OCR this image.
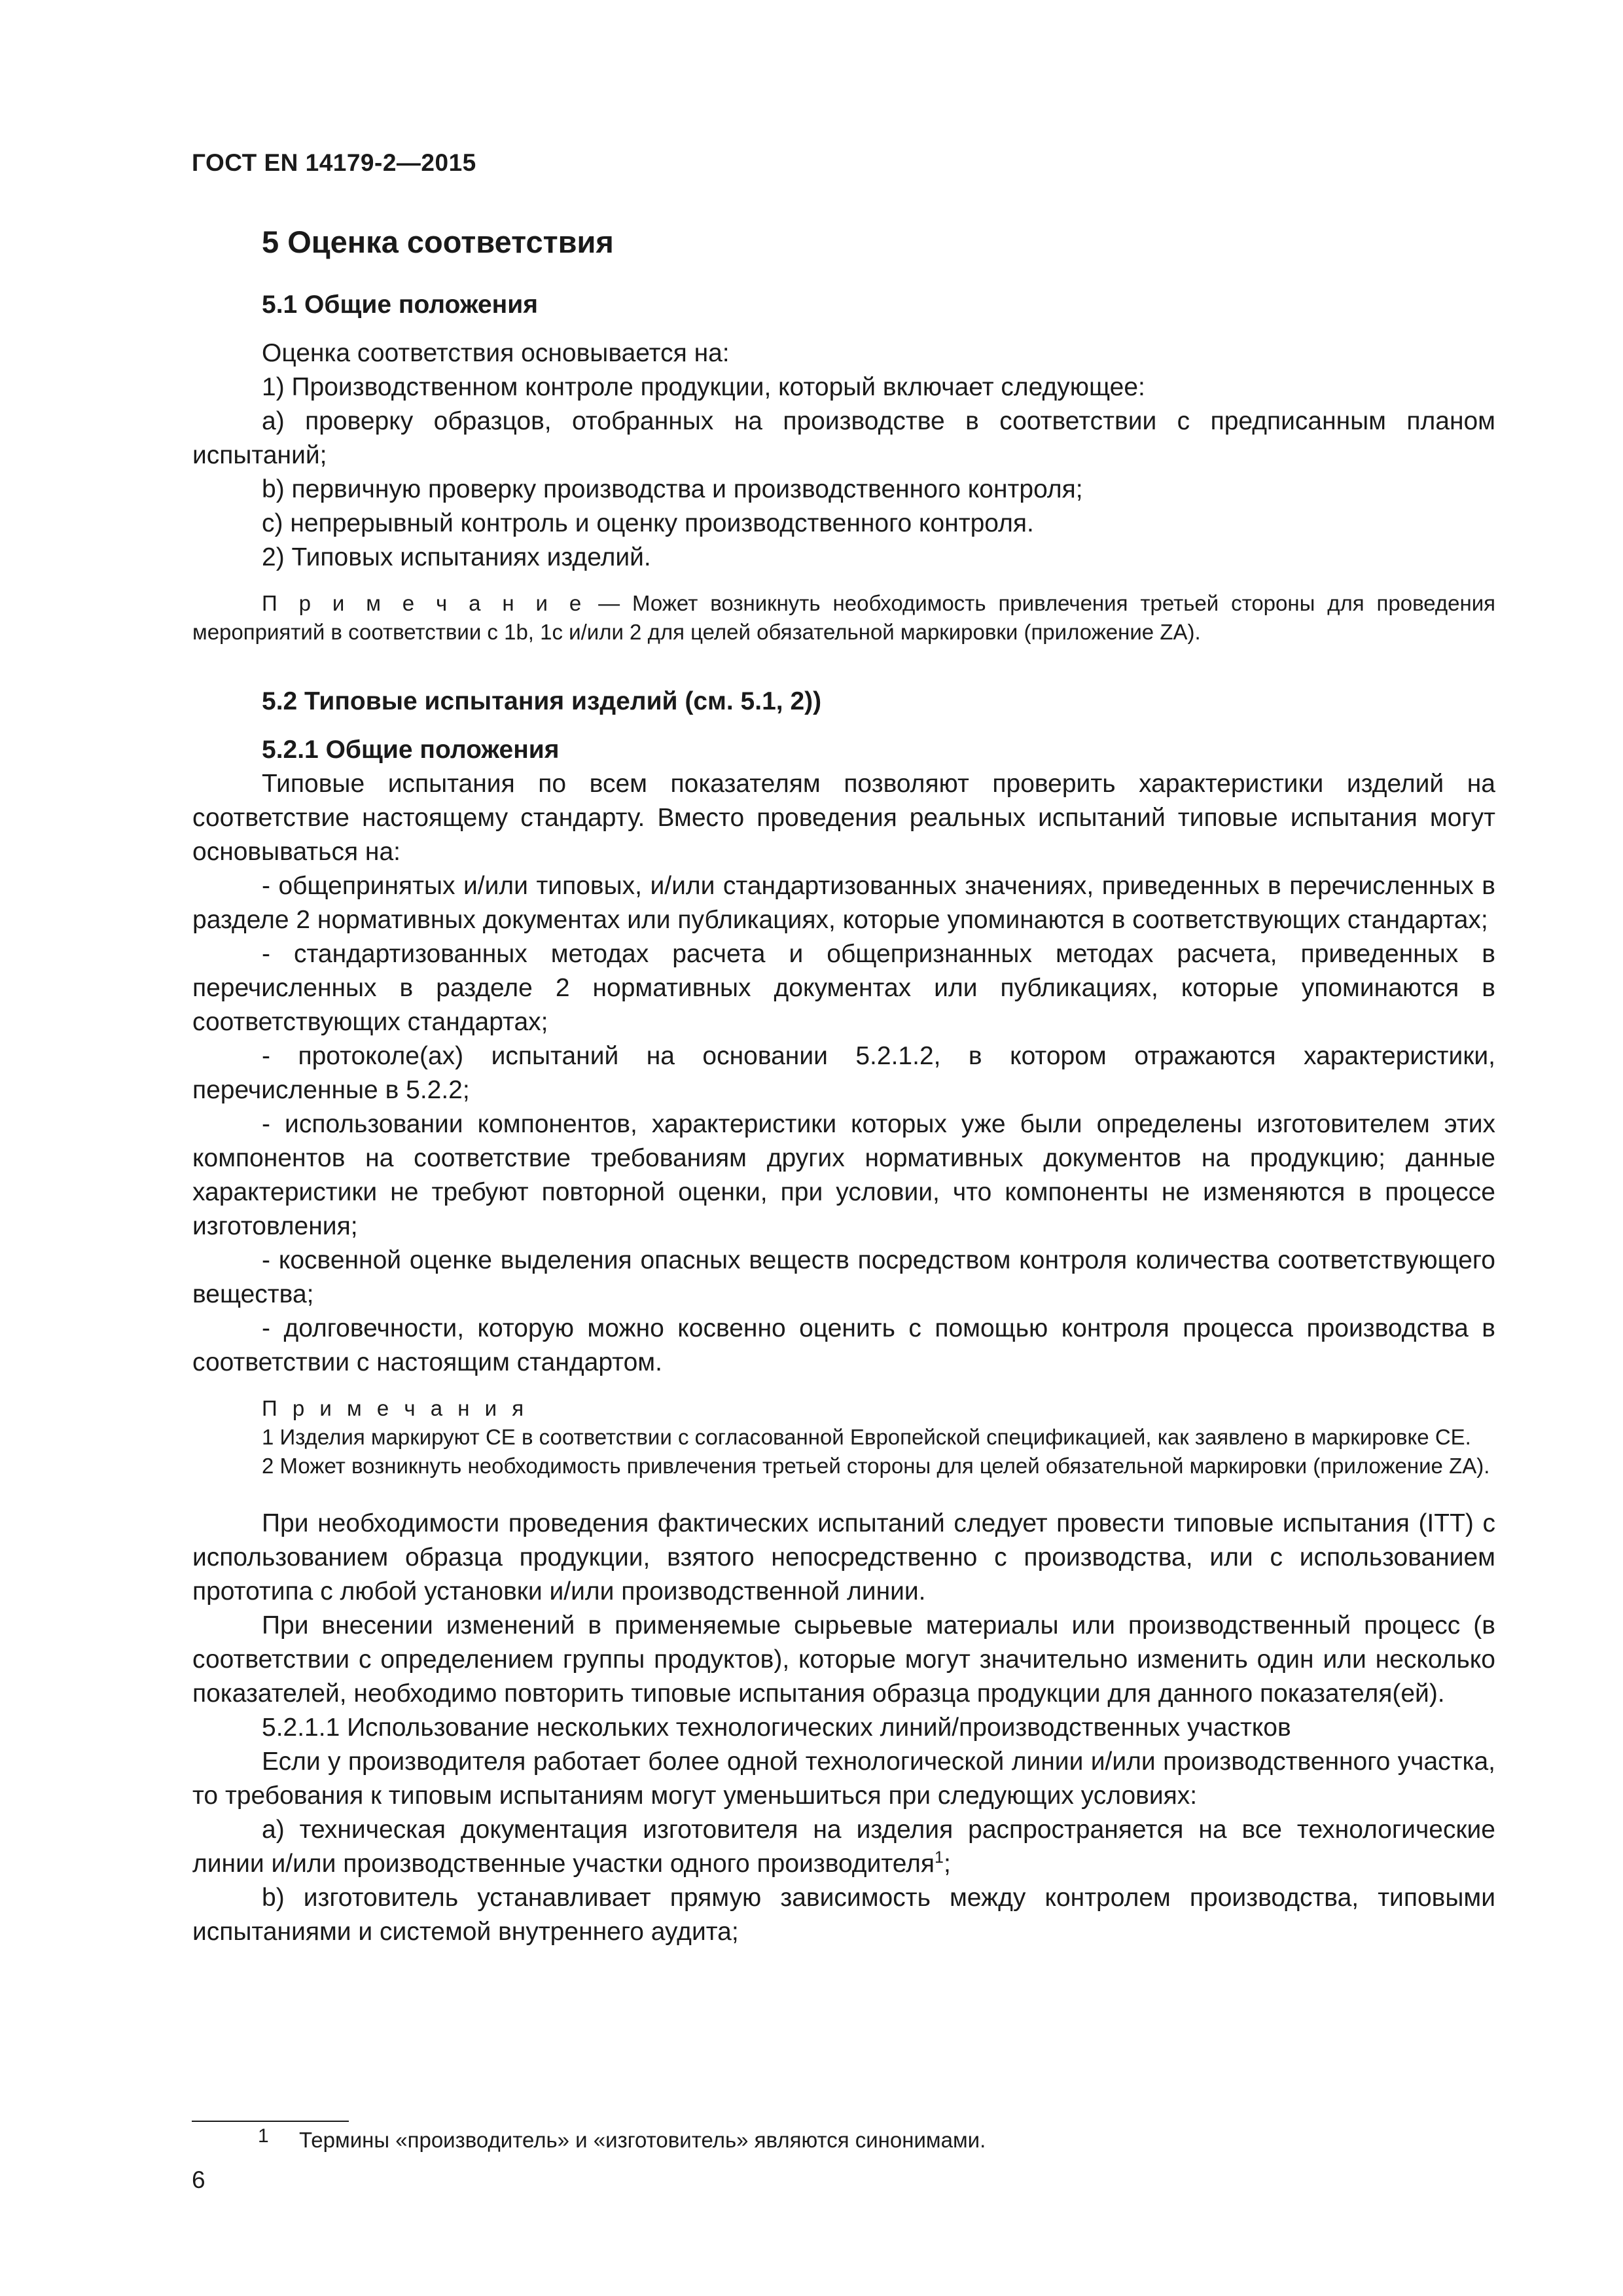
ГОСТ EN 14179-2—2015
5 Оценка соответствия
5.1 Общие положения

Оценка соответствия основывается на:

1) Производственном контроле продукции, который включает следующее:

а) проверку образцов, отобранных на производстве в соответствии с предписанным планом испытаний;

b) первичную проверку производства и производственного контроля;

c) непрерывный контроль и оценку производственного контроля.

2) Типовых испытаниях изделий.

П р и м е ч а н и е — Может возникнуть необходимость привлечения третьей стороны для проведения мероприятий в соответствии с 1b, 1c и/или 2 для целей обязательной маркировки (приложение ZA).

5.2 Типовые испытания изделий (см. 5.1, 2))
5.2.1 Общие положения

Типовые испытания по всем показателям позволяют проверить характеристики изделий на соответствие настоящему стандарту. Вместо проведения реальных испытаний типовые испытания могут основываться на:

- общепринятых и/или типовых, и/или стандартизованных значениях, приведенных в перечисленных в разделе 2 нормативных документах или публикациях, которые упоминаются в соответствующих стандартах;

- стандартизованных методах расчета и общепризнанных методах расчета, приведенных в перечисленных в разделе 2 нормативных документах или публикациях, которые упоминаются в соответствующих стандартах;

- протоколе(ах) испытаний на основании 5.2.1.2, в котором отражаются характеристики, перечисленные в 5.2.2;

- использовании компонентов, характеристики которых уже были определены изготовителем этих компонентов на соответствие требованиям других нормативных документов на продукцию; данные характеристики не требуют повторной оценки, при условии, что компоненты не изменяются в процессе изготовления;

- косвенной оценке выделения опасных веществ посредством контроля количества соответствующего вещества;

- долговечности, которую можно косвенно оценить с помощью контроля процесса производства в соответствии с настоящим стандартом.

П р и м е ч а н и я

1 Изделия маркируют CE в соответствии с согласованной Европейской спецификацией, как заявлено в маркировке CE.

2 Может возникнуть необходимость привлечения третьей стороны для целей обязательной маркировки (приложение ZA).

При необходимости проведения фактических испытаний следует провести типовые испытания (ITT) с использованием образца продукции, взятого непосредственно с производства, или с использованием прототипа с любой установки и/или производственной линии.

При внесении изменений в применяемые сырьевые материалы или производственный процесс (в соответствии с определением группы продуктов), которые могут значительно изменить один или несколько показателей, необходимо повторить типовые испытания образца продукции для данного показателя(ей).

5.2.1.1 Использование нескольких технологических линий/производственных участков

Если у производителя работает более одной технологической линии и/или производственного участка, то требования к типовым испытаниям могут уменьшиться при следующих условиях:

а) техническая документация изготовителя на изделия распространяется на все технологические линии и/или производственные участки одного производителя$^1$;

b) изготовитель устанавливает прямую зависимость между контролем производства, типовыми испытаниями и системой внутреннего аудита;

1 Термины «производитель» и «изготовитель» являются синонимами.
6
